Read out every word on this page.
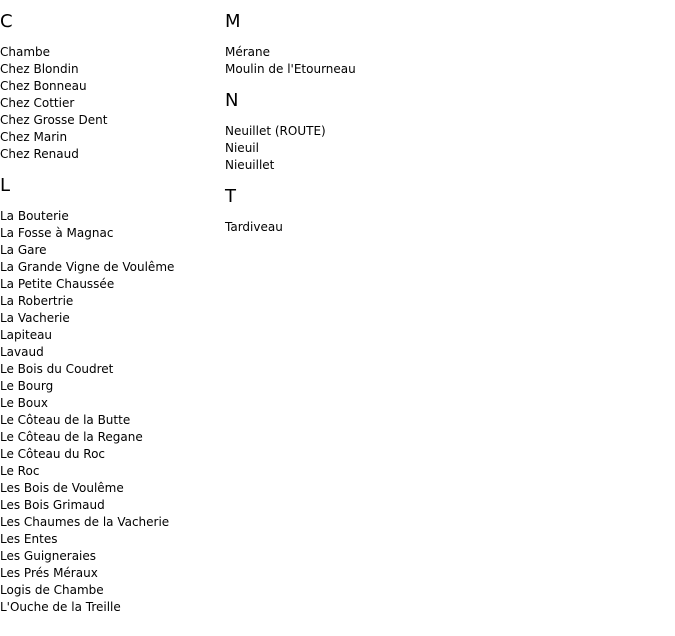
C
Chambe
Chez Blondin
Chez Bonneau
Chez Cottier
Chez Grosse Dent
Chez Marin
Chez Renaud
L
La Bouterie
La Fosse à Magnac
La Gare
La Grande Vigne de Voulême
La Petite Chaussée
La Robertrie
La Vacherie
Lapiteau
Lavaud
Le Bois du Coudret
Le Bourg
Le Boux
Le Côteau de la Butte
Le Côteau de la Regane
Le Côteau du Roc
Le Roc
Les Bois de Voulême
Les Bois Grimaud
Les Chaumes de la Vacherie
Les Entes
Les Guigneraies
Les Prés Méraux
Logis de Chambe
L'Ouche de la Treille
M
Mérane
Moulin de l'Etourneau
N
Neuillet (ROUTE)
Nieuil
Nieuillet
T
Tardiveau
